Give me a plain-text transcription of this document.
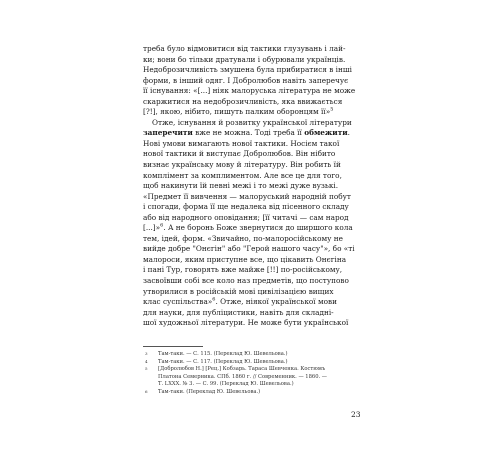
треба було відмовитися від тактики глузувань і лай-
ки; вони бо тільки дратували і обурювали українців.
Недоброзичливість змушена була прибиратися в інші
форми, в інший одяг. І Добролюбов навіть заперечує
її існування: «[...] ніяк малоруська література не може
скаржитися на недоброзичливість, яка ввижається
[?!], якою, нібито, пишуть палким оборонцям її»$^5$
Отже, існування й розвитку української літератури
заперечити вже не можна. Тоді треба її обмежити.
Нові умови вимагають нової тактики. Носієм такої
нової тактики й виступає Добролюбов. Він нібито
визнає українську мову й літературу. Він робить їй
комплімент за комплиментом. Але все це для того,
щоб накинути їй певні межі і то межі дуже вузькі.
«Предмет її вивчення — малоруський народній побут
і спогади, форма її ще недалека від пісенного складу
або від народного оповідання; [її читачі — сам народ
[...]»$^6$. А не боронь Боже звернутися до ширшого кола
тем, ідей, форм. «Звичайно, по-малоросійському не
вийде добре "Онєгін" або "Герой нашого часу"», бо «ті
малороси, яким приступне все, що цікавить Онєгіна
і пані Тур, говорять вже майже [!!] по-російському,
засвоївши собі все коло наз предметів, що поступово
утворилися в російській мові цивілізацією вищих
клас суспільства»$^6$. Отже, ніякої української мови
для науки, для публіцистики, навіть для складні-
шої художньої літератури. Не може бути української
3 Там-таки. — С. 115. (Переклад Ю. Шевельова.)
4 Там-таки. — С. 117. (Переклад Ю. Шевельова.)
5 [Добролюбов Н.] [Рец.] Кобзарь. Тараса Шевченка. Костюмъ
Платона Семерника. СПб. 1860 г. // Современник. — 1860. —
Т. LXXX. № 3. — С. 99. (Переклад Ю. Шевельова.)
6 Там-таки. (Переклад Ю. Шевельова.)
23
